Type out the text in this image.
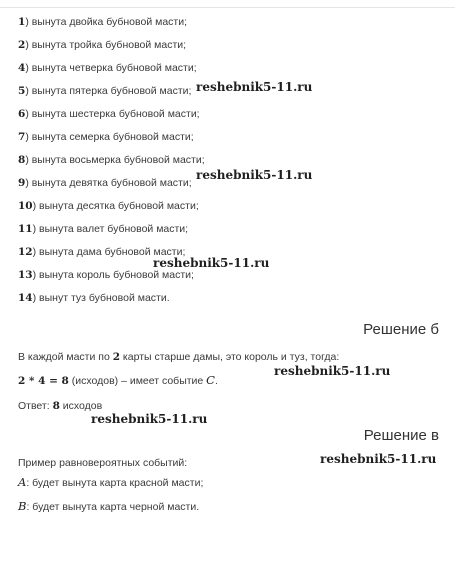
1) вынута двойка бубновой масти;
2) вынута тройка бубновой масти;
4) вынута четверка бубновой масти;
5) вынута пятерка бубновой масти;
6) вынута шестерка бубновой масти;
7) вынута семерка бубновой масти;
8) вынута восьмерка бубновой масти;
9) вынута девятка бубновой масти;
10) вынута десятка бубновой масти;
11) вынута валет бубновой масти;
12) вынута дама бубновой масти;
13) вынута король бубновой масти;
14) вынут туз бубновой масти.
Решение б
В каждой масти по 2 карты старше дамы, это король и туз, тогда:
2 * 4 = 8 (исходов) – имеет событие C.
Ответ: 8 исходов
Решение в
Пример равновероятных событий:
A: будет вынута карта красной масти;
B: будет вынута карта черной масти.
reshebnik5-11.ru
reshebnik5-11.ru
reshebnik5-11.ru
reshebnik5-11.ru
reshebnik5-11.ru
reshebnik5-11.ru
